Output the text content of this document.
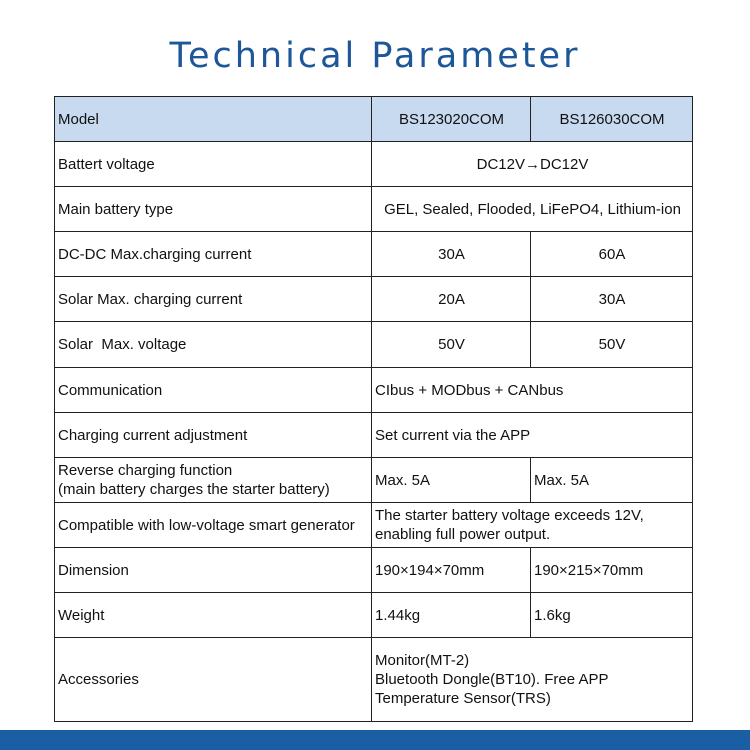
Technical Parameter
Model	BS123020COM	BS126030COM
Battert voltage	DC12V→DC12V	
Main battery type	GEL, Sealed, Flooded, LiFePO4, Lithium-ion	
DC-DC Max.charging current	30A	60A
Solar Max. charging current	20A	30A
Solar  Max. voltage	50V	50V
Communication	CIbus + MODbus + CANbus	
Charging current adjustment	Set current via the APP	

Reverse charging function
(main battery charges the starter battery)	Max. 5A	Max. 5A
Compatible with low-voltage smart generator	The starter battery voltage exceeds 12V,
enabling full power output.	

Dimension	190×194×70mm	190×215×70mm
Weight	1.44kg	1.6kg
Accessories	Monitor(MT-2)
Bluetooth Dongle(BT10). Free APP
Temperature Sensor(TRS)	
